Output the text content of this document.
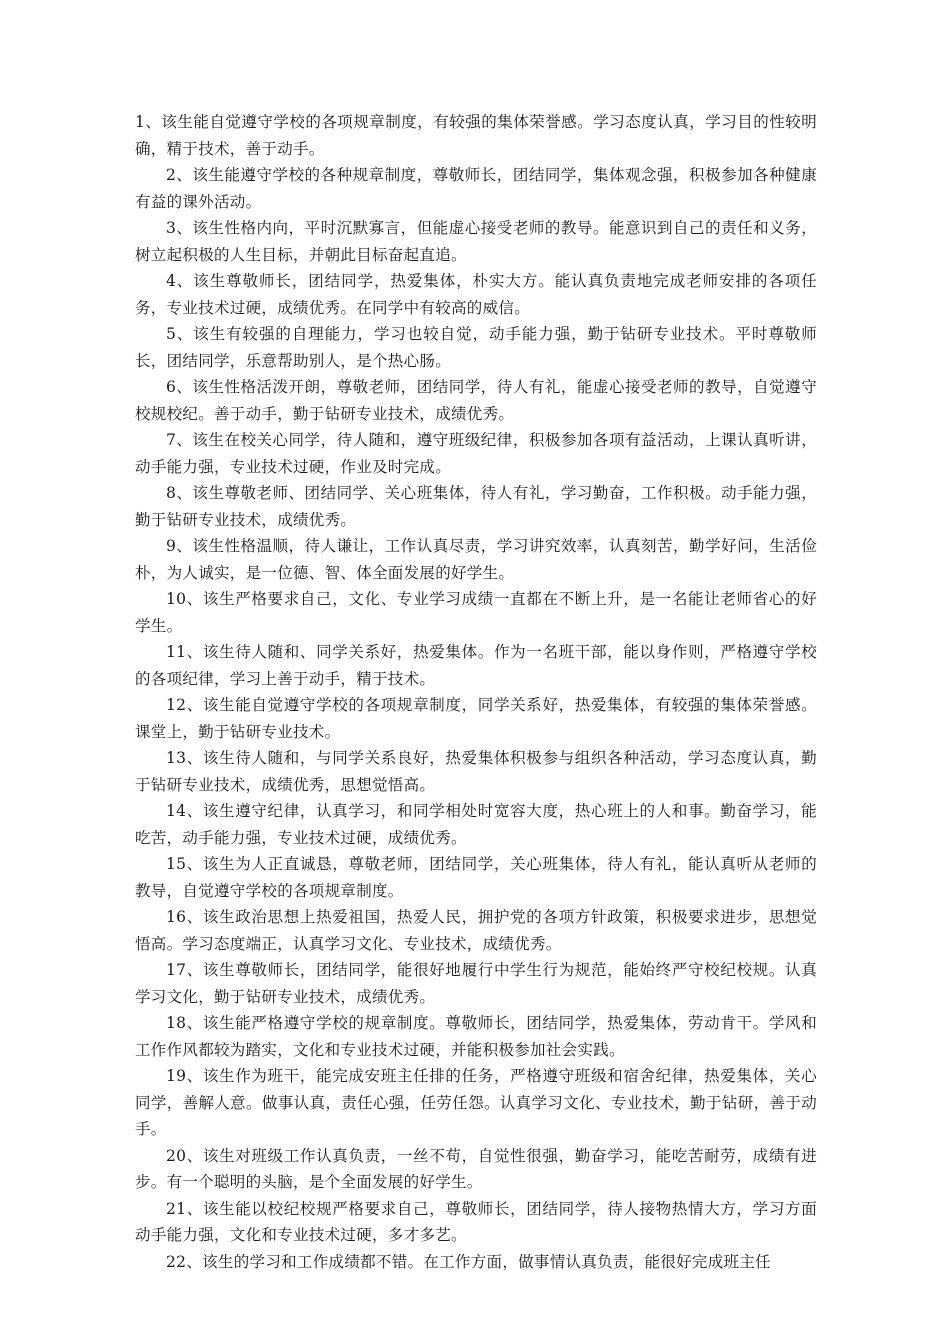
1、该生能自觉遵守学校的各项规章制度，有较强的集体荣誉感。学习态度认真，学习目的性较明确，精于技术，善于动手。

2、该生能遵守学校的各种规章制度，尊敬师长，团结同学，集体观念强，积极参加各种健康有益的课外活动。

3、该生性格内向，平时沉默寡言，但能虚心接受老师的教导。能意识到自己的责任和义务，树立起积极的人生目标，并朝此目标奋起直追。

4、该生尊敬师长，团结同学，热爱集体，朴实大方。能认真负责地完成老师安排的各项任务，专业技术过硬，成绩优秀。在同学中有较高的威信。

5、该生有较强的自理能力，学习也较自觉，动手能力强，勤于钻研专业技术。平时尊敬师长，团结同学，乐意帮助别人，是个热心肠。

6、该生性格活泼开朗，尊敬老师，团结同学，待人有礼，能虚心接受老师的教导，自觉遵守校规校纪。善于动手，勤于钻研专业技术，成绩优秀。

7、该生在校关心同学，待人随和，遵守班级纪律，积极参加各项有益活动，上课认真听讲，动手能力强，专业技术过硬，作业及时完成。

8、该生尊敬老师、团结同学、关心班集体，待人有礼，学习勤奋，工作积极。动手能力强，勤于钻研专业技术，成绩优秀。

9、该生性格温顺，待人谦让，工作认真尽责，学习讲究效率，认真刻苦，勤学好问，生活俭朴，为人诚实，是一位德、智、体全面发展的好学生。

10、该生严格要求自己，文化、专业学习成绩一直都在不断上升，是一名能让老师省心的好学生。

11、该生待人随和、同学关系好，热爱集体。作为一名班干部，能以身作则，严格遵守学校的各项纪律，学习上善于动手，精于技术。

12、该生能自觉遵守学校的各项规章制度，同学关系好，热爱集体，有较强的集体荣誉感。课堂上，勤于钻研专业技术。

13、该生待人随和，与同学关系良好，热爱集体积极参与组织各种活动，学习态度认真，勤于钻研专业技术，成绩优秀，思想觉悟高。

14、该生遵守纪律，认真学习，和同学相处时宽容大度，热心班上的人和事。勤奋学习，能吃苦，动手能力强，专业技术过硬，成绩优秀。

15、该生为人正直诚恳，尊敬老师，团结同学，关心班集体，待人有礼，能认真听从老师的教导，自觉遵守学校的各项规章制度。

16、该生政治思想上热爱祖国，热爱人民，拥护党的各项方针政策，积极要求进步，思想觉悟高。学习态度端正，认真学习文化、专业技术，成绩优秀。

17、该生尊敬师长，团结同学，能很好地履行中学生行为规范，能始终严守校纪校规。认真学习文化，勤于钻研专业技术，成绩优秀。

18、该生能严格遵守学校的规章制度。尊敬师长，团结同学，热爱集体，劳动肯干。学风和工作作风都较为踏实，文化和专业技术过硬，并能积极参加社会实践。

19、该生作为班干，能完成安班主任排的任务，严格遵守班级和宿舍纪律，热爱集体，关心同学，善解人意。做事认真，责任心强，任劳任怨。认真学习文化、专业技术，勤于钻研，善于动手。

20、该生对班级工作认真负责，一丝不苟，自觉性很强，勤奋学习，能吃苦耐劳，成绩有进步。有一个聪明的头脑，是个全面发展的好学生。

21、该生能以校纪校规严格要求自己，尊敬师长，团结同学，待人接物热情大方，学习方面动手能力强，文化和专业技术过硬，多才多艺。

22、该生的学习和工作成绩都不错。在工作方面，做事情认真负责，能很好完成班主任
